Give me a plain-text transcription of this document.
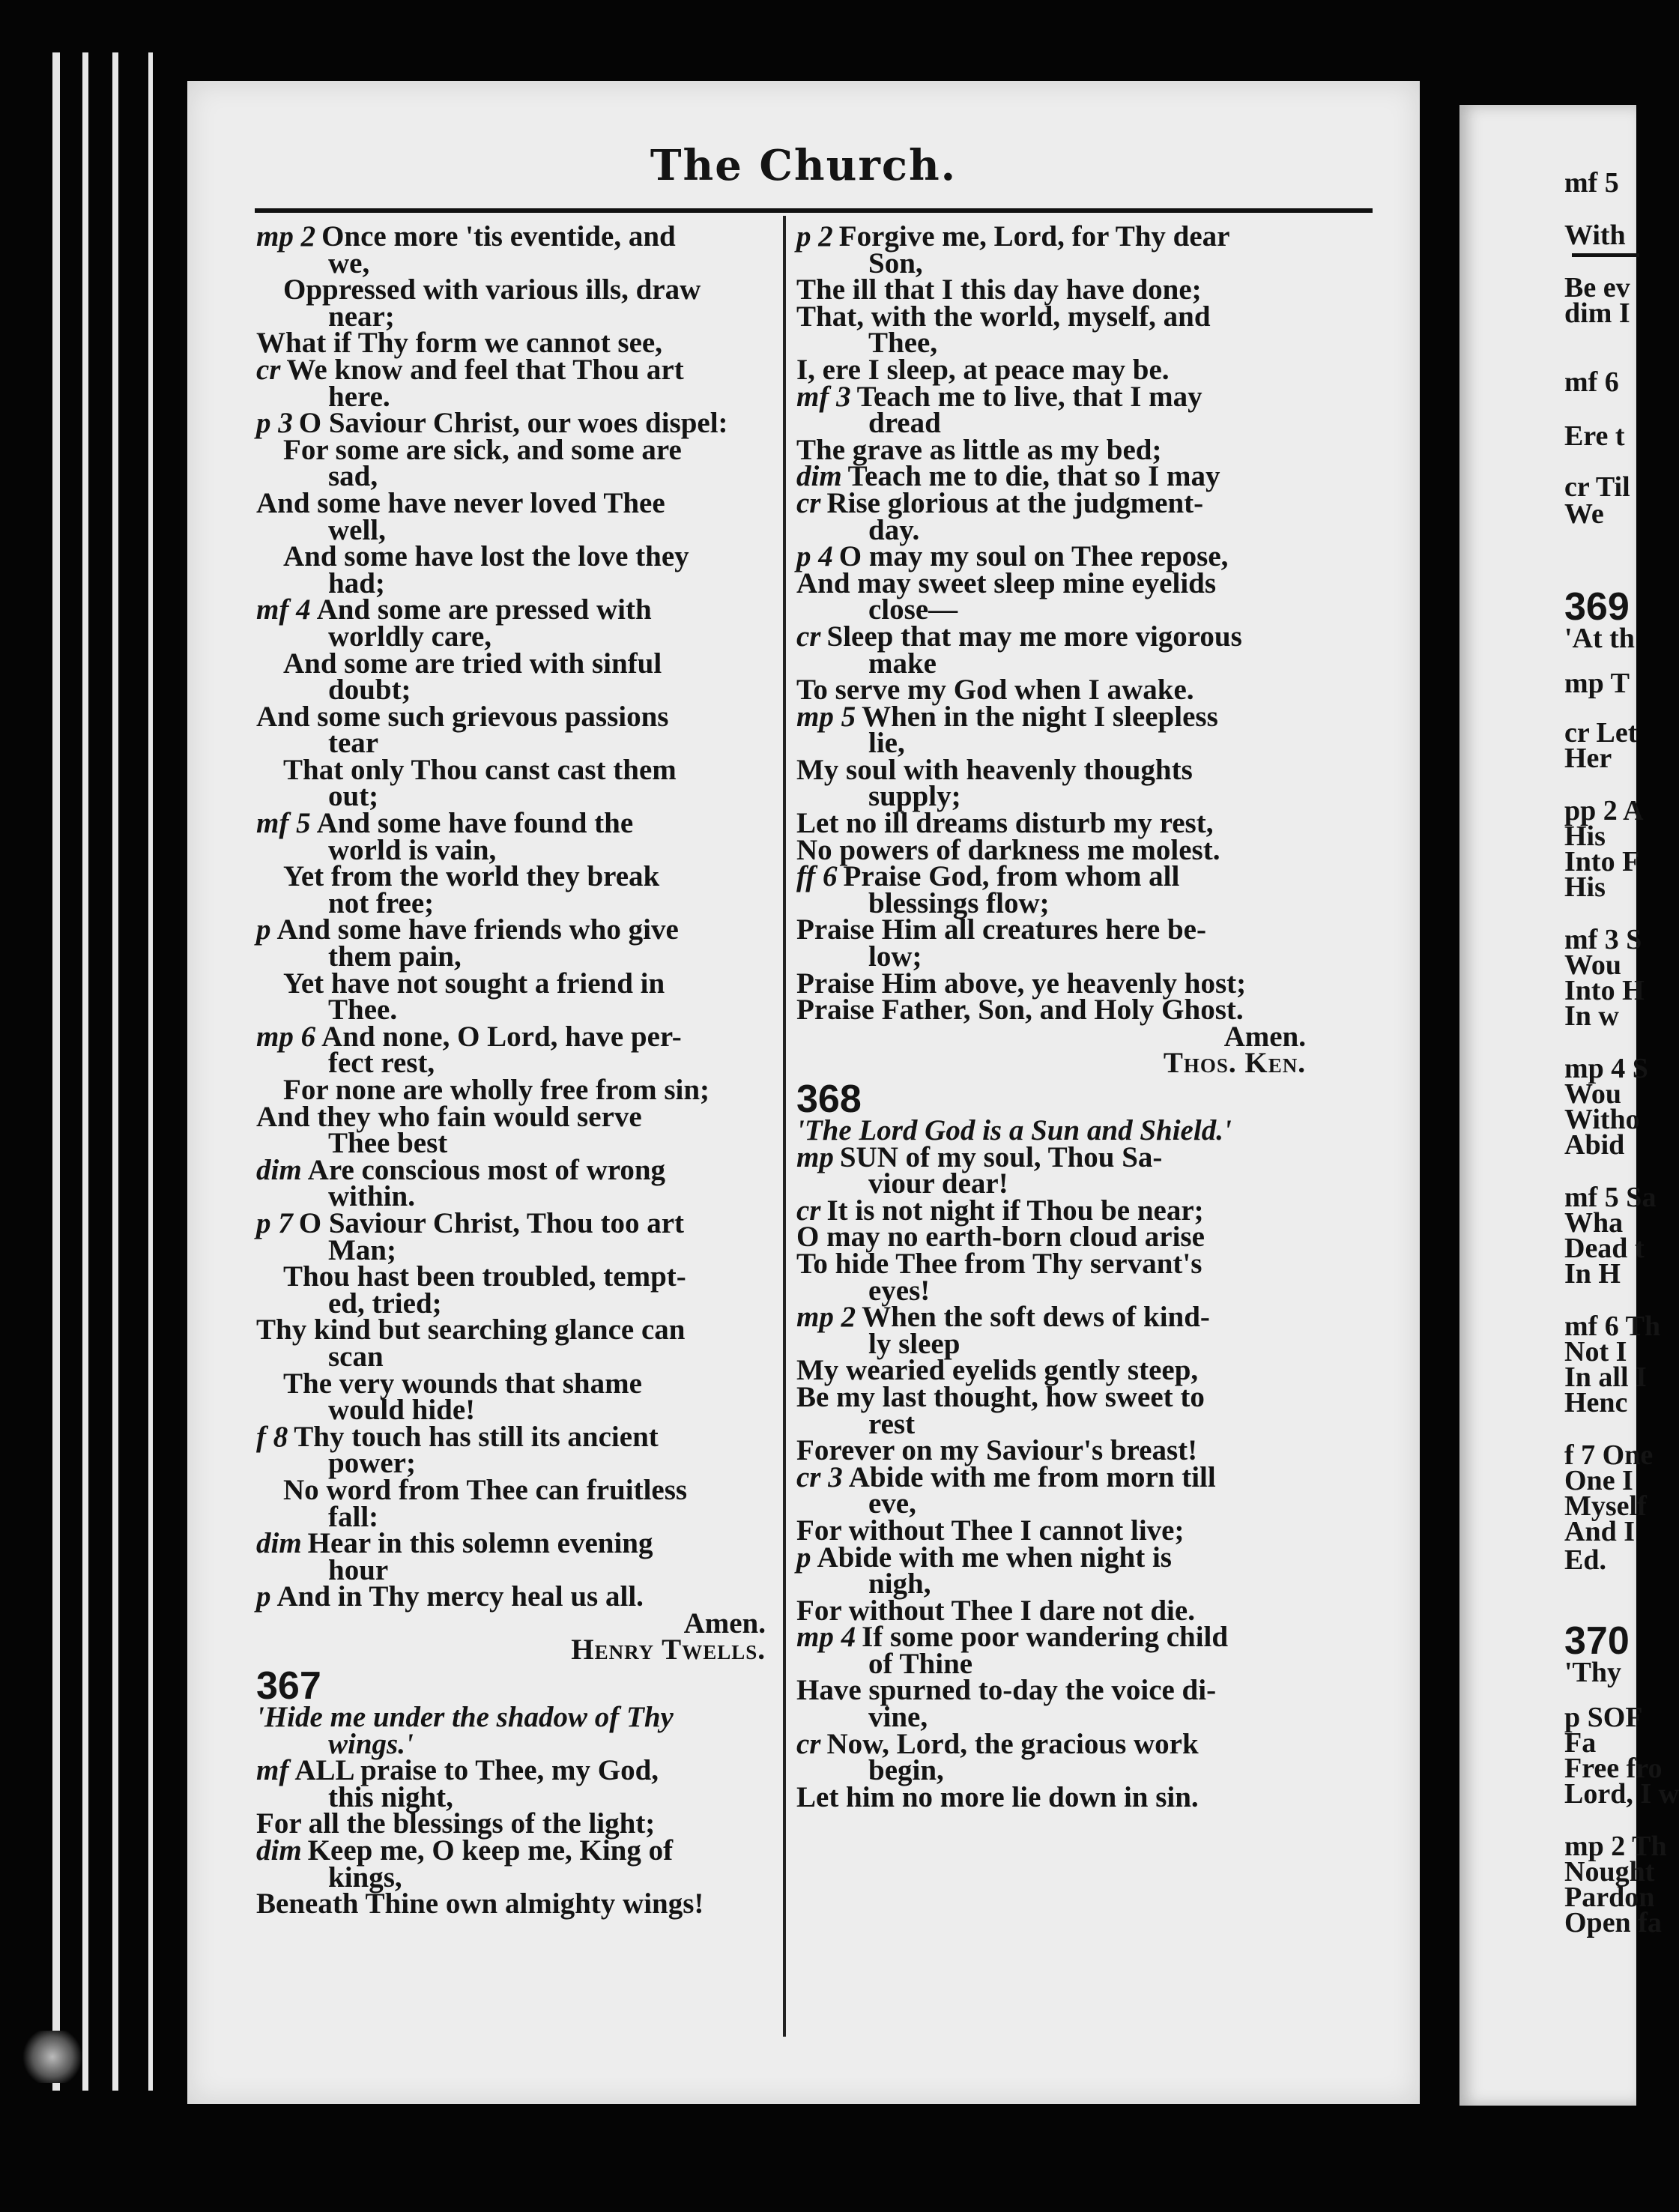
The Church.
mp 2 Once more 'tis eventide, and
we,
Oppressed with various ills, draw
near;
What if Thy form we cannot see,
cr We know and feel that Thou art
here.
p 3 O Saviour Christ, our woes dispel:
For some are sick, and some are
sad,
And some have never loved Thee
well,
And some have lost the love they
had;
mf 4 And some are pressed with
worldly care,
And some are tried with sinful
doubt;
And some such grievous passions
tear
That only Thou canst cast them
out;
mf 5 And some have found the
world is vain,
Yet from the world they break
not free;
p And some have friends who give
them pain,
Yet have not sought a friend in
Thee.
mp 6 And none, O Lord, have per-
fect rest,
For none are wholly free from sin;
And they who fain would serve
Thee best
dim Are conscious most of wrong
within.
p 7 O Saviour Christ, Thou too art
Man;
Thou hast been troubled, tempt-
ed, tried;
Thy kind but searching glance can
scan
The very wounds that shame
would hide!
f 8 Thy touch has still its ancient
power;
No word from Thee can fruitless
fall:
dim Hear in this solemn evening
hour
p And in Thy mercy heal us all.
Amen.
Henry Twells.
367
'Hide me under the shadow of Thy
wings.'
mf ALL praise to Thee, my God,
this night,
For all the blessings of the light;
dim Keep me, O keep me, King of
kings,
Beneath Thine own almighty wings!
p 2 Forgive me, Lord, for Thy dear
Son,
The ill that I this day have done;
That, with the world, myself, and
Thee,
I, ere I sleep, at peace may be.
mf 3 Teach me to live, that I may
dread
The grave as little as my bed;
dim Teach me to die, that so I may
cr Rise glorious at the judgment-
day.
p 4 O may my soul on Thee repose,
And may sweet sleep mine eyelids
close—
cr Sleep that may me more vigorous
make
To serve my God when I awake.
mp 5 When in the night I sleepless
lie,
My soul with heavenly thoughts
supply;
Let no ill dreams disturb my rest,
No powers of darkness me molest.
ff 6 Praise God, from whom all
blessings flow;
Praise Him all creatures here be-
low;
Praise Him above, ye heavenly host;
Praise Father, Son, and Holy Ghost.
Amen.
Thos. Ken.
368
'The Lord God is a Sun and Shield.'
mp SUN of my soul, Thou Sa-
viour dear!
cr It is not night if Thou be near;
O may no earth-born cloud arise
To hide Thee from Thy servant's
eyes!
mp 2 When the soft dews of kind-
ly sleep
My wearied eyelids gently steep,
Be my last thought, how sweet to
rest
Forever on my Saviour's breast!
cr 3 Abide with me from morn till
eve,
For without Thee I cannot live;
p Abide with me when night is
nigh,
For without Thee I dare not die.
mp 4 If some poor wandering child
of Thine
Have spurned to-day the voice di-
vine,
cr Now, Lord, the gracious work
begin,
Let him no more lie down in sin.
mf 5
With
Be ev
dim I
mf 6
Ere t
cr Til
We
369
'At th
mp T
cr Let
Her
pp 2 A
His
Into F
His
mf 3 S
Wou
Into H
In w
mp 4 S
Wou
Witho
Abid
mf 5 Sa
Wha
Dead t
In H
mf 6 Th
Not I
In all I
Henc
f 7 One
One I
Myself
And I
Ed.
370
'Thy
p SOF
Fa
Free fro
Lord, I w
mp 2 Th
Nought
Pardon
Open fa
